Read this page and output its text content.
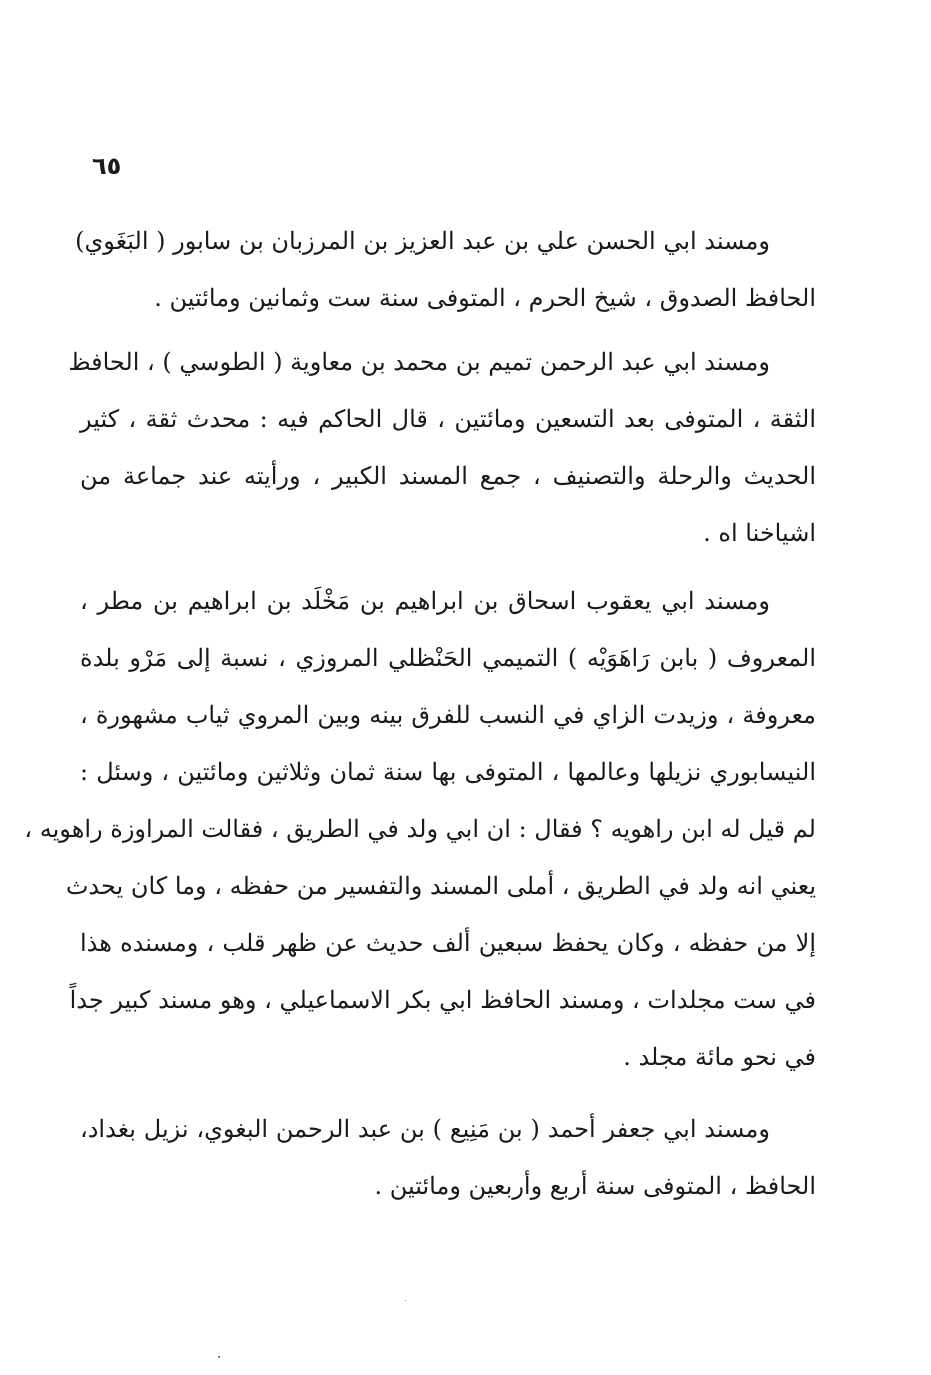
٦٥
ومسند ابي الحسن علي بن عبد العزيز بن المرزبان بن سابور ( البَغَوي)
الحافظ الصدوق ، شيخ الحرم ، المتوفى سنة ست وثمانين ومائتين .
ومسند ابي عبد الرحمن تميم بن محمد بن معاوية ( الطوسي ) ، الحافظ
الثقة ، المتوفى بعد التسعين ومائتين ، قال الحاكم فيه : محدث ثقة ، كثير
الحديث والرحلة والتصنيف ، جمع المسند الكبير ، ورأيته عند جماعة من
اشياخنا اه .
ومسند ابي يعقوب اسحاق بن ابراهيم بن مَخْلَد بن ابراهيم بن مطر ،
المعروف ( بابن رَاهَوَيْه ) التميمي الحَنْظلي المروزي ، نسبة إلى مَرْو بلدة
معروفة ، وزيدت الزاي في النسب للفرق بينه وبين المروي ثياب مشهورة ،
النيسابوري نزيلها وعالمها ، المتوفى بها سنة ثمان وثلاثين ومائتين ، وسئل :
لم قيل له ابن راهويه ؟ فقال : ان ابي ولد في الطريق ، فقالت المراوزة راهويه ،
يعني انه ولد في الطريق ، أملى المسند والتفسير من حفظه ، وما كان يحدث
إلا من حفظه ، وكان يحفظ سبعين ألف حديث عن ظهر قلب ، ومسنده هذا
في ست مجلدات ، ومسند الحافظ ابي بكر الاسماعيلي ، وهو مسند كبير جداً
في نحو مائة مجلد .
ومسند ابي جعفر أحمد ( بن مَنِيع ) بن عبد الرحمن البغوي، نزيل بغداد،
الحافظ ، المتوفى سنة أربع وأربعين ومائتين .
